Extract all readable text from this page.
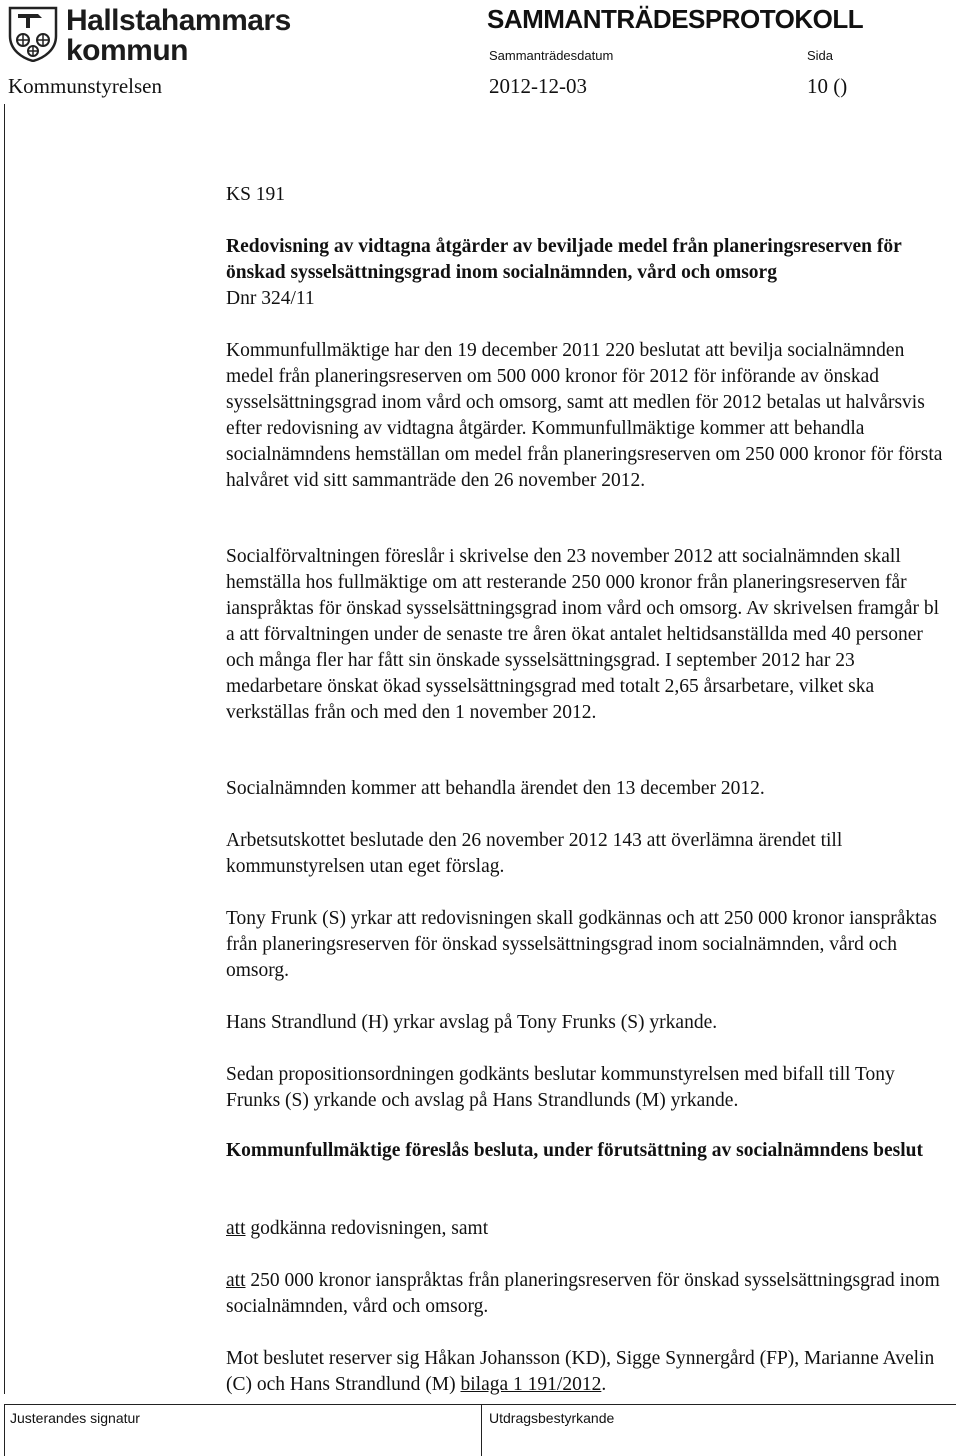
Hallstahammars
kommun
SAMMANTRÄDESPROTOKOLL
Sammanträdesdatum	Sida
Kommunstyrelsen	2012-12-03	10 ()
KS 191
Redovisning av vidtagna åtgärder av beviljade medel från planeringsreserven för önskad sysselsättningsgrad inom socialnämnden, vård och omsorg
Dnr 324/11
Kommunfullmäktige har den 19 december 2011 220 beslutat att bevilja socialnämnden medel från planeringsreserven om 500 000 kronor för 2012 för införande av önskad sysselsättningsgrad inom vård och omsorg, samt att medlen för 2012 betalas ut halvårsvis efter redovisning av vidtagna åtgärder. Kommunfullmäktige kommer att behandla socialnämndens hemställan om medel från planeringsreserven om 250 000 kronor för första halvåret vid sitt sammanträde den 26 november 2012.
Socialförvaltningen föreslår i skrivelse den 23 november 2012 att socialnämnden skall hemställa hos fullmäktige om att resterande 250 000 kronor från planeringsreserven får ianspråktas för önskad sysselsättningsgrad inom vård och omsorg. Av skrivelsen framgår bl a att förvaltningen under de senaste tre åren ökat antalet heltidsanställda med 40 personer och många fler har fått sin önskade sysselsättningsgrad. I september 2012 har 23 medarbetare önskat ökad sysselsättningsgrad med totalt 2,65 årsarbetare, vilket ska verkställas från och med den 1 november 2012.
Socialnämnden kommer att behandla ärendet den 13 december 2012.
Arbetsutskottet beslutade den 26 november 2012 143 att överlämna ärendet till kommunstyrelsen utan eget förslag.
Tony Frunk (S) yrkar att redovisningen skall godkännas och att 250 000 kronor ianspråktas från planeringsreserven för önskad sysselsättningsgrad inom socialnämnden, vård och omsorg.
Hans Strandlund (H) yrkar avslag på Tony Frunks (S) yrkande.
Sedan propositionsordningen godkänts beslutar kommunstyrelsen med bifall till Tony Frunks (S) yrkande och avslag på Hans Strandlunds (M) yrkande.
Kommunfullmäktige föreslås besluta, under förutsättning av socialnämndens beslut
att godkänna redovisningen, samt
att 250 000 kronor ianspråktas från planeringsreserven för önskad sysselsättningsgrad inom socialnämnden, vård och omsorg.
Mot beslutet reserver sig Håkan Johansson (KD), Sigge Synnergård (FP), Marianne Avelin (C) och Hans Strandlund (M) bilaga 1 191/2012.
Justerandes signatur	Utdragsbestyrkande
